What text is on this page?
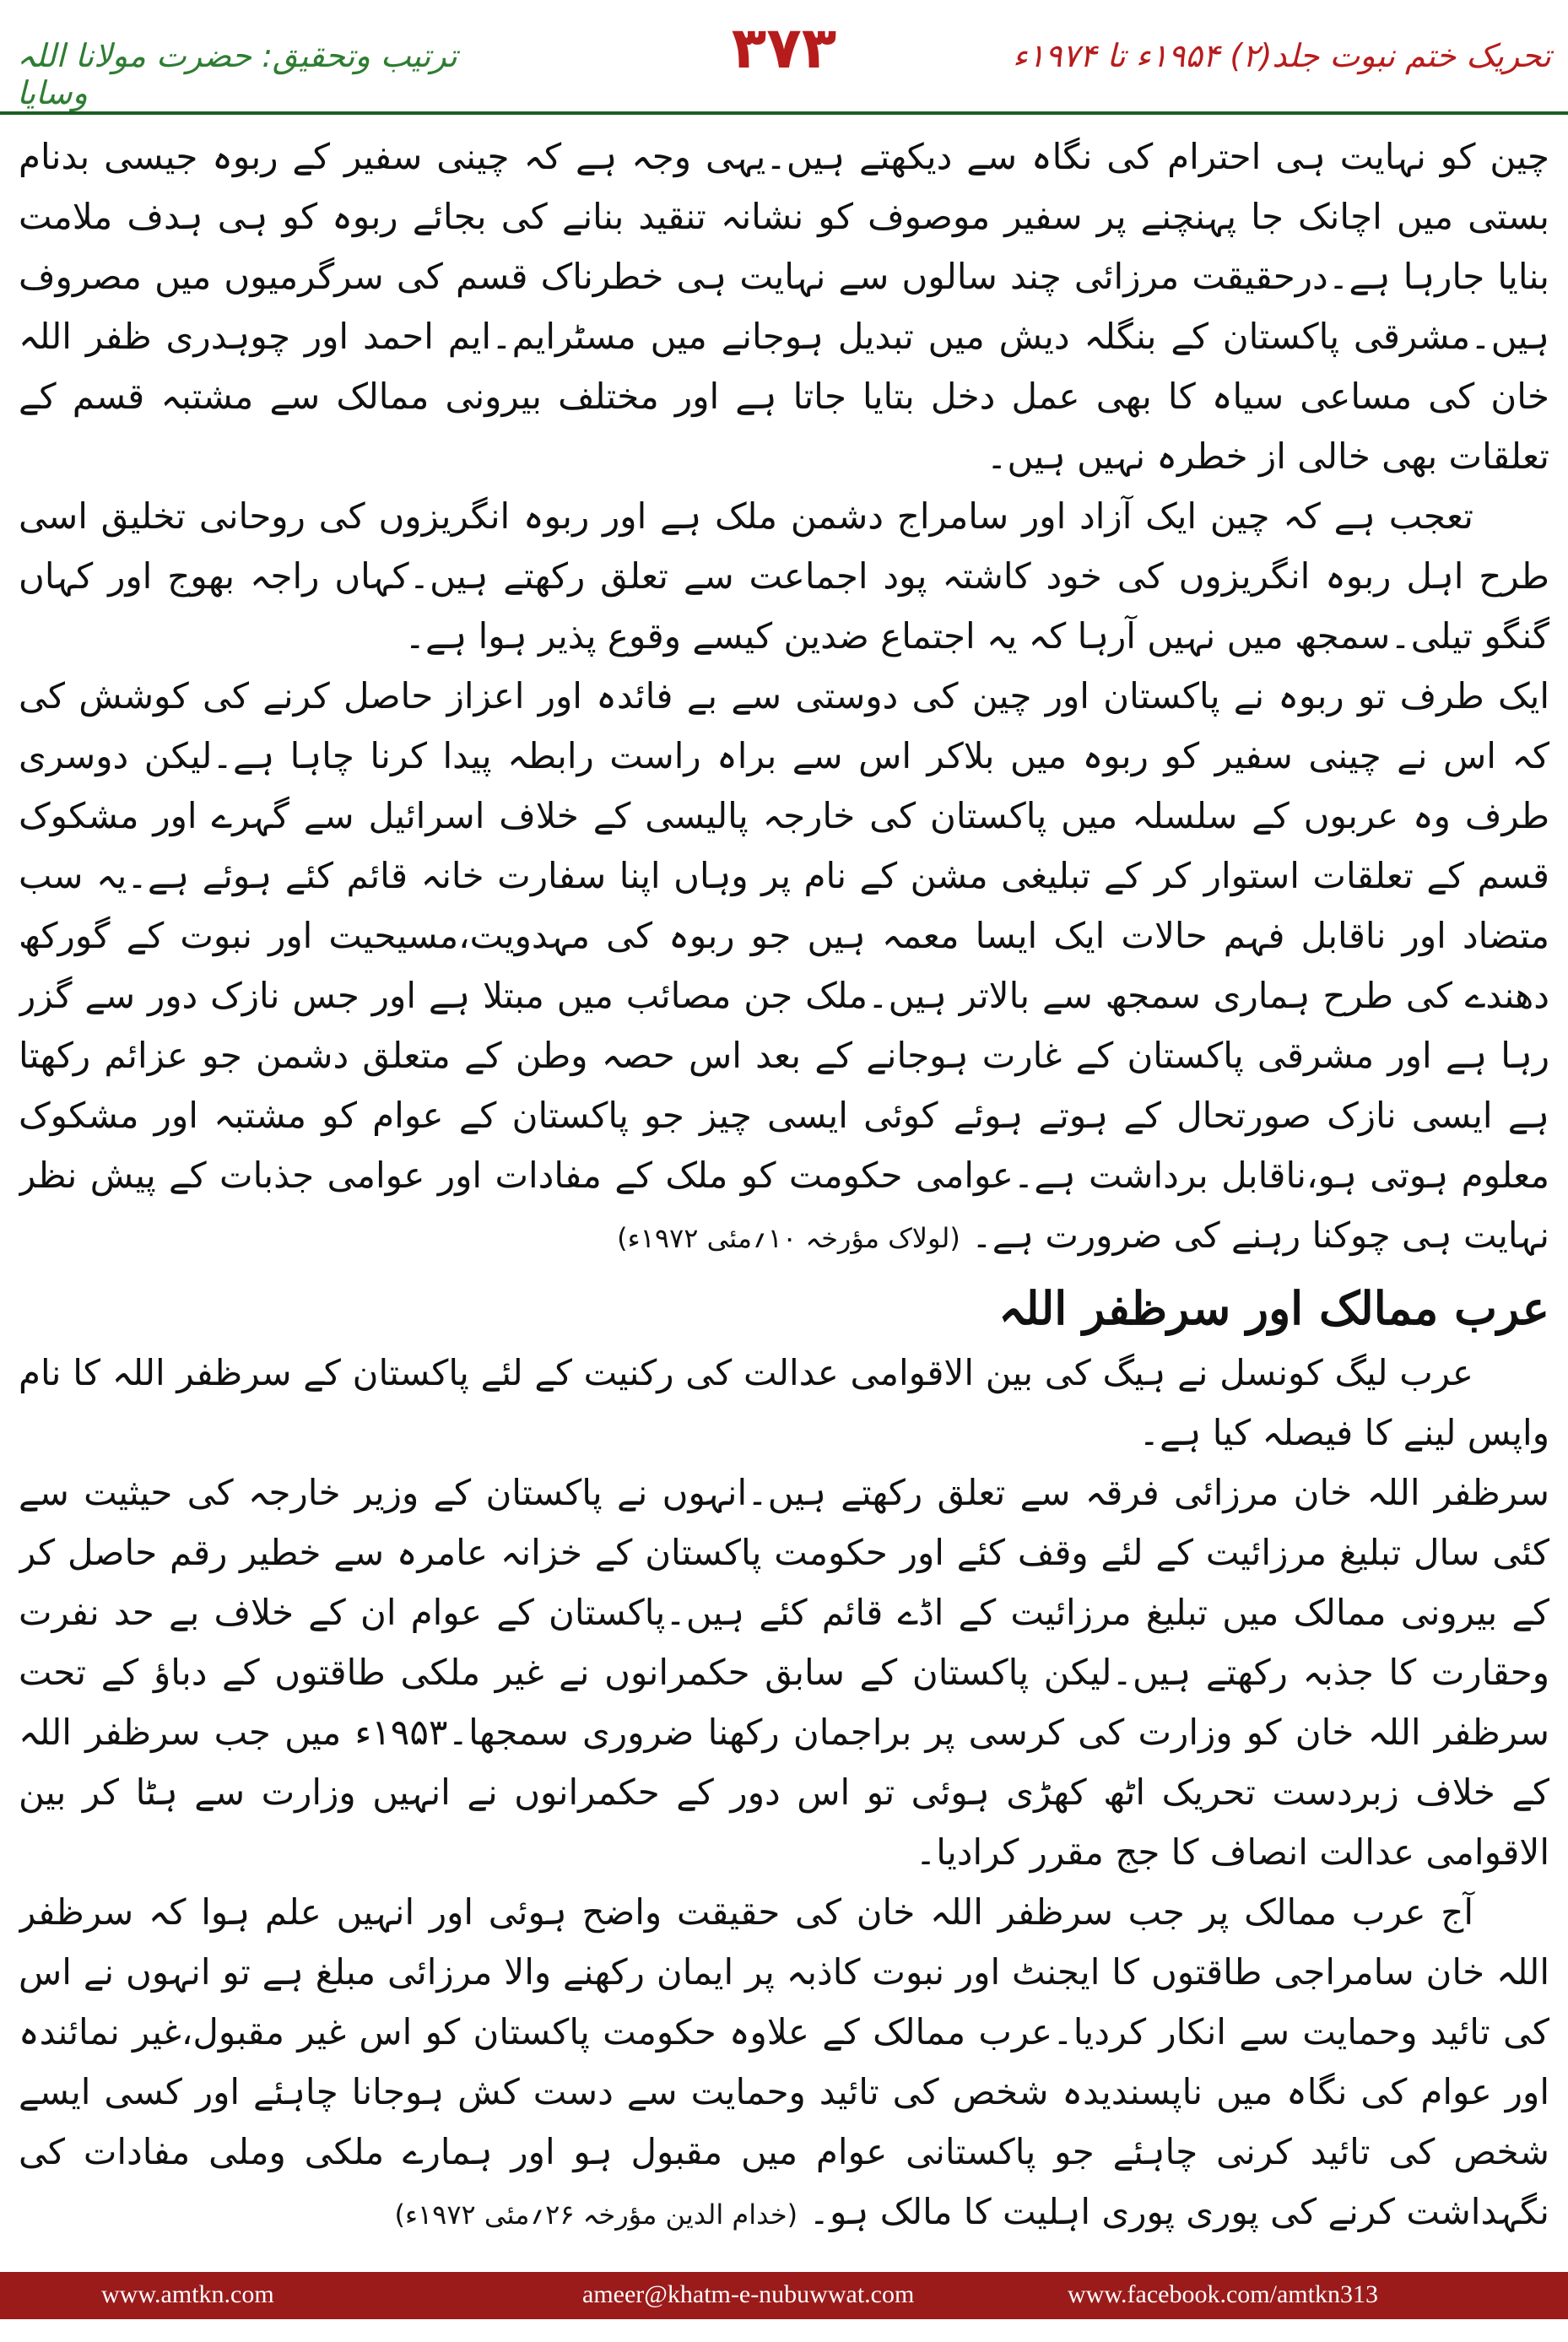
ترتیب وتحقیق: حضرت مولانا اللہ وسایا
۳۷۳	تحریک ختم نبوت جلد(۲) ۱۹۵۴ء تا ۱۹۷۴ء

چین کو نہایت ہی احترام کی نگاہ سے دیکھتے ہیں۔یہی وجہ ہے کہ چینی سفیر کے ربوہ جیسی بدنام بستی میں اچانک جا پہنچنے پر سفیر موصوف کو نشانہ تنقید بنانے کی بجائے ربوہ کو ہی ہدف ملامت بنایا جارہا ہے۔درحقیقت مرزائی چند سالوں سے نہایت ہی خطرناک قسم کی سرگرمیوں میں مصروف ہیں۔مشرقی پاکستان کے بنگلہ دیش میں تبدیل ہوجانے میں مسٹرایم۔ایم احمد اور چوہدری ظفر اللہ خان کی مساعی سیاہ کا بھی عمل دخل بتایا جاتا ہے اور مختلف بیرونی ممالک سے مشتبہ قسم کے تعلقات بھی خالی از خطرہ نہیں ہیں۔

تعجب ہے کہ چین ایک آزاد اور سامراج دشمن ملک ہے اور ربوہ انگریزوں کی روحانی تخلیق اسی طرح اہل ربوہ انگریزوں کی خود کاشتہ پود اجماعت سے تعلق رکھتے ہیں۔کہاں راجہ بھوج اور کہاں گنگو تیلی۔سمجھ میں نہیں آرہا کہ یہ اجتماع ضدین کیسے وقوع پذیر ہوا ہے۔

ایک طرف تو ربوہ نے پاکستان اور چین کی دوستی سے بے فائدہ اور اعزاز حاصل کرنے کی کوشش کی کہ اس نے چینی سفیر کو ربوہ میں بلاکر اس سے براہ راست رابطہ پیدا کرنا چاہا ہے۔لیکن دوسری طرف وہ عربوں کے سلسلہ میں پاکستان کی خارجہ پالیسی کے خلاف اسرائیل سے گہرے اور مشکوک قسم کے تعلقات استوار کر کے تبلیغی مشن کے نام پر وہاں اپنا سفارت خانہ قائم کئے ہوئے ہے۔یہ سب متضاد اور ناقابل فہم حالات ایک ایسا معمہ ہیں جو ربوہ کی مہدویت،مسیحیت اور نبوت کے گورکھ دھندے کی طرح ہماری سمجھ سے بالاتر ہیں۔ملک جن مصائب میں مبتلا ہے اور جس نازک دور سے گزر رہا ہے اور مشرقی پاکستان کے غارت ہوجانے کے بعد اس حصہ وطن کے متعلق دشمن جو عزائم رکھتا ہے ایسی نازک صورتحال کے ہوتے ہوئے کوئی ایسی چیز جو پاکستان کے عوام کو مشتبہ اور مشکوک معلوم ہوتی ہو،ناقابل برداشت ہے۔عوامی حکومت کو ملک کے مفادات اور عوامی جذبات کے پیش نظر نہایت ہی چوکنا رہنے کی ضرورت ہے۔ (لولاک مؤرخہ ۱۰؍مئی ۱۹۷۲ء)

عرب ممالک اور سرظفر اللہ

عرب لیگ کونسل نے ہیگ کی بین الاقوامی عدالت کی رکنیت کے لئے پاکستان کے سرظفر اللہ کا نام واپس لینے کا فیصلہ کیا ہے۔

سرظفر اللہ خان مرزائی فرقہ سے تعلق رکھتے ہیں۔انہوں نے پاکستان کے وزیر خارجہ کی حیثیت سے کئی سال تبلیغ مرزائیت کے لئے وقف کئے اور حکومت پاکستان کے خزانہ عامرہ سے خطیر رقم حاصل کر کے بیرونی ممالک میں تبلیغ مرزائیت کے اڈے قائم کئے ہیں۔پاکستان کے عوام ان کے خلاف بے حد نفرت وحقارت کا جذبہ رکھتے ہیں۔لیکن پاکستان کے سابق حکمرانوں نے غیر ملکی طاقتوں کے دباؤ کے تحت سرظفر اللہ خان کو وزارت کی کرسی پر براجمان رکھنا ضروری سمجھا۔۱۹۵۳ء میں جب سرظفر اللہ کے خلاف زبردست تحریک اٹھ کھڑی ہوئی تو اس دور کے حکمرانوں نے انہیں وزارت سے ہٹا کر بین الاقوامی عدالت انصاف کا جج مقرر کرادیا۔

آج عرب ممالک پر جب سرظفر اللہ خان کی حقیقت واضح ہوئی اور انہیں علم ہوا کہ سرظفر اللہ خان سامراجی طاقتوں کا ایجنٹ اور نبوت کاذبہ پر ایمان رکھنے والا مرزائی مبلغ ہے تو انہوں نے اس کی تائید وحمایت سے انکار کردیا۔عرب ممالک کے علاوہ حکومت پاکستان کو اس غیر مقبول،غیر نمائندہ اور عوام کی نگاہ میں ناپسندیدہ شخص کی تائید وحمایت سے دست کش ہوجانا چاہئے اور کسی ایسے شخص کی تائید کرنی چاہئے جو پاکستانی عوام میں مقبول ہو اور ہمارے ملکی وملی مفادات کی نگہداشت کرنے کی پوری پوری اہلیت کا مالک ہو۔ (خدام الدین مؤرخہ ۲۶؍مئی ۱۹۷۲ء)

www.amtkn.com	ameer@khatm-e-nubuwwat.com	www.facebook.com/amtkn313
